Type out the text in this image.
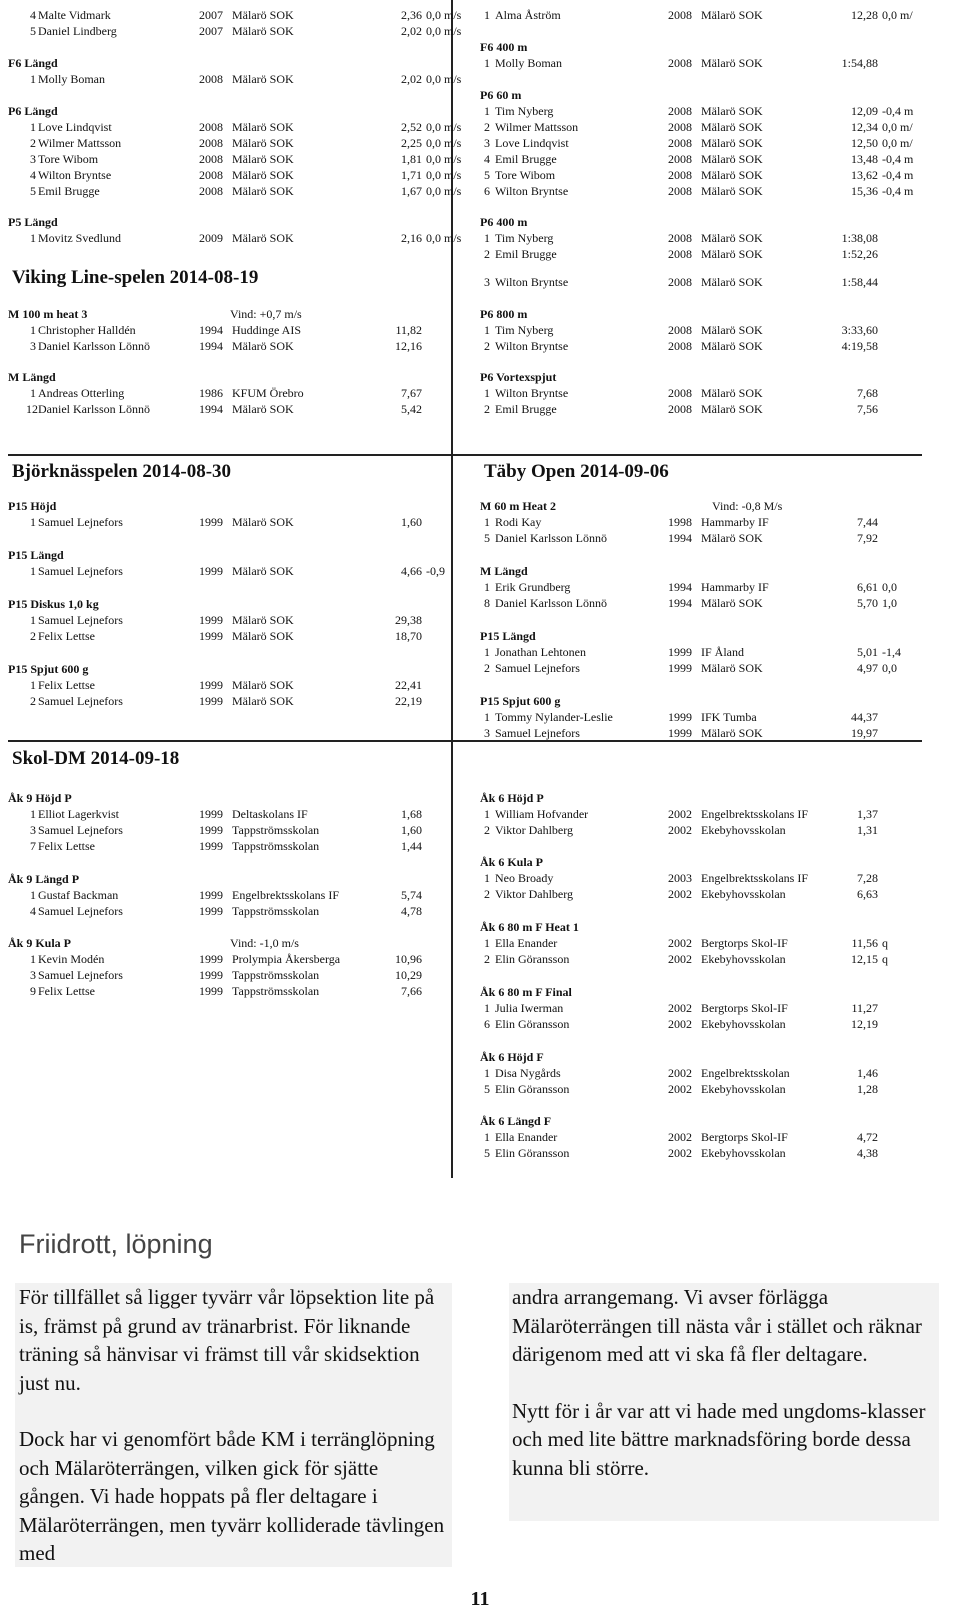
4 Malte Vidmark	2007 Mälarö SOK	2,36 0,0 m/s
5 Daniel Lindberg	2007 Mälarö SOK	2,02 0,0 m/s
F6 Längd
1 Molly Boman	2008 Mälarö SOK	2,02 0,0 m/s
P6 Längd
1 Love Lindqvist	2008 Mälarö SOK	2,52 0,0 m/s
2 Wilmer Mattsson	2008 Mälarö SOK	2,25 0,0 m/s
3 Tore Wibom	2008 Mälarö SOK	1,81 0,0 m/s
4 Wilton Bryntse	2008 Mälarö SOK	1,71 0,0 m/s
5 Emil Brugge	2008 Mälarö SOK	1,67 0,0 m/s
P5 Längd
1 Movitz Svedlund	2009 Mälarö SOK	2,16 0,0 m/s
Viking Line-spelen 2014-08-19
M 100 m heat 3	Vind: +0,7 m/s
1 Christopher Halldén	1994 Huddinge AIS	11,82
3 Daniel Karlsson Lönnö	1994 Mälarö SOK	12,16
M Längd
1 Andreas Otterling	1986 KFUM Örebro	7,67
12 Daniel Karlsson Lönnö	1994 Mälarö SOK	5,42
Björknässpelen 2014-08-30
P15 Höjd
1 Samuel Lejnefors	1999 Mälarö SOK	1,60
P15 Längd
1 Samuel Lejnefors	1999 Mälarö SOK	4,66 -0,9
P15 Diskus 1,0 kg
1 Samuel Lejnefors	1999 Mälarö SOK	29,38
2 Felix Lettse	1999 Mälarö SOK	18,70
P15 Spjut 600 g
1 Felix Lettse	1999 Mälarö SOK	22,41
2 Samuel Lejnefors	1999 Mälarö SOK	22,19
Skol-DM 2014-09-18
Åk 9 Höjd P
1 Elliot Lagerkvist	1999 Deltaskolans IF	1,68
3 Samuel Lejnefors	1999 Tappströmsskolan	1,60
7 Felix Lettse	1999 Tappströmsskolan	1,44
Åk 9 Längd P
1 Gustaf Backman	1999 Engelbrektsskolans IF	5,74
4 Samuel Lejnefors	1999 Tappströmsskolan	4,78
Åk 9 Kula P	Vind: -1,0 m/s
1 Kevin Modén	1999 Prolympia Åkersberga	10,96
3 Samuel Lejnefors	1999 Tappströmsskolan	10,29
9 Felix Lettse	1999 Tappströmsskolan	7,66
1 Alma Åström	2008 Mälarö SOK	12,28 0,0 m/
F6 400 m
1 Molly Boman	2008 Mälarö SOK	1:54,88
P6 60 m
1 Tim Nyberg	2008 Mälarö SOK	12,09 -0,4 m
2 Wilmer Mattsson	2008 Mälarö SOK	12,34 0,0 m/
3 Love Lindqvist	2008 Mälarö SOK	12,50 0,0 m/
4 Emil Brugge	2008 Mälarö SOK	13,48 -0,4 m
5 Tore Wibom	2008 Mälarö SOK	13,62 -0,4 m
6 Wilton Bryntse	2008 Mälarö SOK	15,36 -0,4 m
P6 400 m
1 Tim Nyberg	2008 Mälarö SOK	1:38,08
2 Emil Brugge	2008 Mälarö SOK	1:52,26
3 Wilton Bryntse	2008 Mälarö SOK	1:58,44
P6 800 m
1 Tim Nyberg	2008 Mälarö SOK	3:33,60
2 Wilton Bryntse	2008 Mälarö SOK	4:19,58
P6 Vortexspjut
1 Wilton Bryntse	2008 Mälarö SOK	7,68
2 Emil Brugge	2008 Mälarö SOK	7,56
Täby Open 2014-09-06
M 60 m Heat 2	Vind: -0,8 M/s
1 Rodi Kay	1998 Hammarby IF	7,44
5 Daniel Karlsson Lönnö	1994 Mälarö SOK	7,92
M Längd
1 Erik Grundberg	1994 Hammarby IF	6,61 0,0
8 Daniel Karlsson Lönnö	1994 Mälarö SOK	5,70 1,0
P15 Längd
1 Jonathan Lehtonen	1999 IF Åland	5,01 -1,4
2 Samuel Lejnefors	1999 Mälarö SOK	4,97 0,0
P15 Spjut 600 g
1 Tommy Nylander-Leslie	1999 IFK Tumba	44,37
3 Samuel Lejnefors	1999 Mälarö SOK	19,97
Åk 6 Höjd P
1 William Hofvander	2002 Engelbrektsskolans IF	1,37
2 Viktor Dahlberg	2002 Ekebyhovsskolan	1,31
Åk 6 Kula P
1 Neo Broady	2003 Engelbrektsskolans IF	7,28
2 Viktor Dahlberg	2002 Ekebyhovsskolan	6,63
Åk 6 80 m F Heat 1
1 Ella Enander	2002 Bergtorps Skol-IF	11,56 q
2 Elin Göransson	2002 Ekebyhovsskolan	12,15 q
Åk 6 80 m F Final
1 Julia Iwerman	2002 Bergtorps Skol-IF	11,27
6 Elin Göransson	2002 Ekebyhovsskolan	12,19
Åk 6 Höjd F
1 Disa Nygårds	2002 Engelbrektsskolan	1,46
5 Elin Göransson	2002 Ekebyhovsskolan	1,28
Åk 6 Längd F
1 Ella Enander	2002 Bergtorps Skol-IF	4,72
5 Elin Göransson	2002 Ekebyhovsskolan	4,38
Friidrott, löpning

För tillfället så ligger tyvärr vår löpsektion lite på is, främst på grund av tränarbrist. För liknande träning så hänvisar vi främst till vår skidsektion just nu.

Dock har vi genomfört både KM i terränglöpning och Mälaröterrängen, vilken gick för sjätte gången. Vi hade hoppats på fler deltagare i Mälaröterrängen, men tyvärr kolliderade tävlingen med

andra arrangemang. Vi avser förlägga Mälaröterrängen till nästa vår i stället och räknar därigenom med att vi ska få fler deltagare.

Nytt för i år var att vi hade med ungdoms-klasser och med lite bättre marknadsföring borde dessa kunna bli större.

11
